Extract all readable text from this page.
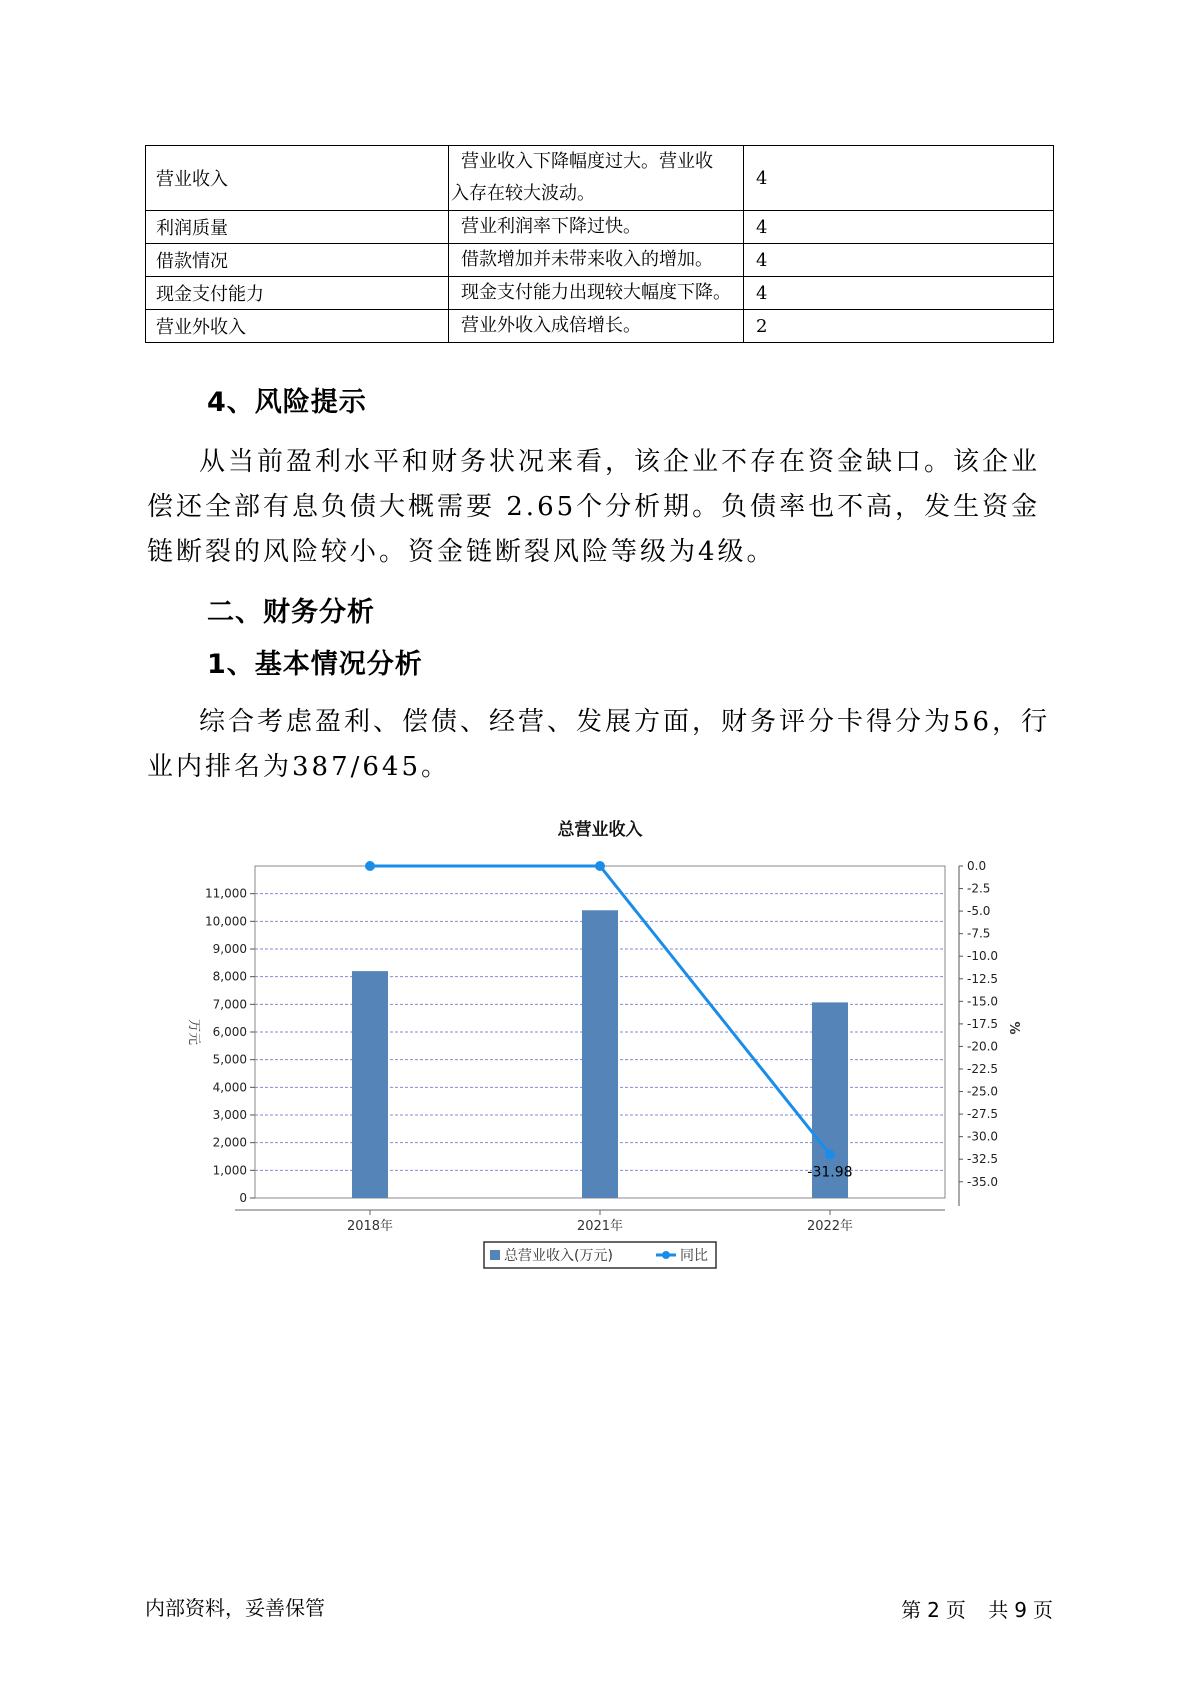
营业收入	营业收入下降幅度过大。营业收
入存在较大波动。	4
利润质量	营业利润率下降过快。	4
借款情况	借款增加并未带来收入的增加。	4
现金支付能力	现金支付能力出现较大幅度下降。	4
营业外收入	营业外收入成倍增长。	2
4、风险提示

从当前盈利水平和财务状况来看，该企业不存在资金缺口。该企业偿还全部有息负债大概需要 2.65个分析期。负债率也不高，发生资金链断裂的风险较小。资金链断裂风险等级为4级。

二、财务分析
1、基本情况分析

综合考虑盈利、偿债、经营、发展方面，财务评分卡得分为56，行业内排名为387/645。

总营业收入
0
1,000
2,000
3,000
4,000
5,000
6,000
7,000
8,000
9,000
10,000
11,000
0.0
-2.5
-5.0
-7.5
-10.0
-12.5
-15.0
-17.5
-20.0
-22.5
-25.0
-27.5
-30.0
-32.5
-35.0
-31.98
2018年	2021年	2022年
万元	%
总营业收入(万元)	同比
内部资料，妥善保管	第 2 页 共 9 页
